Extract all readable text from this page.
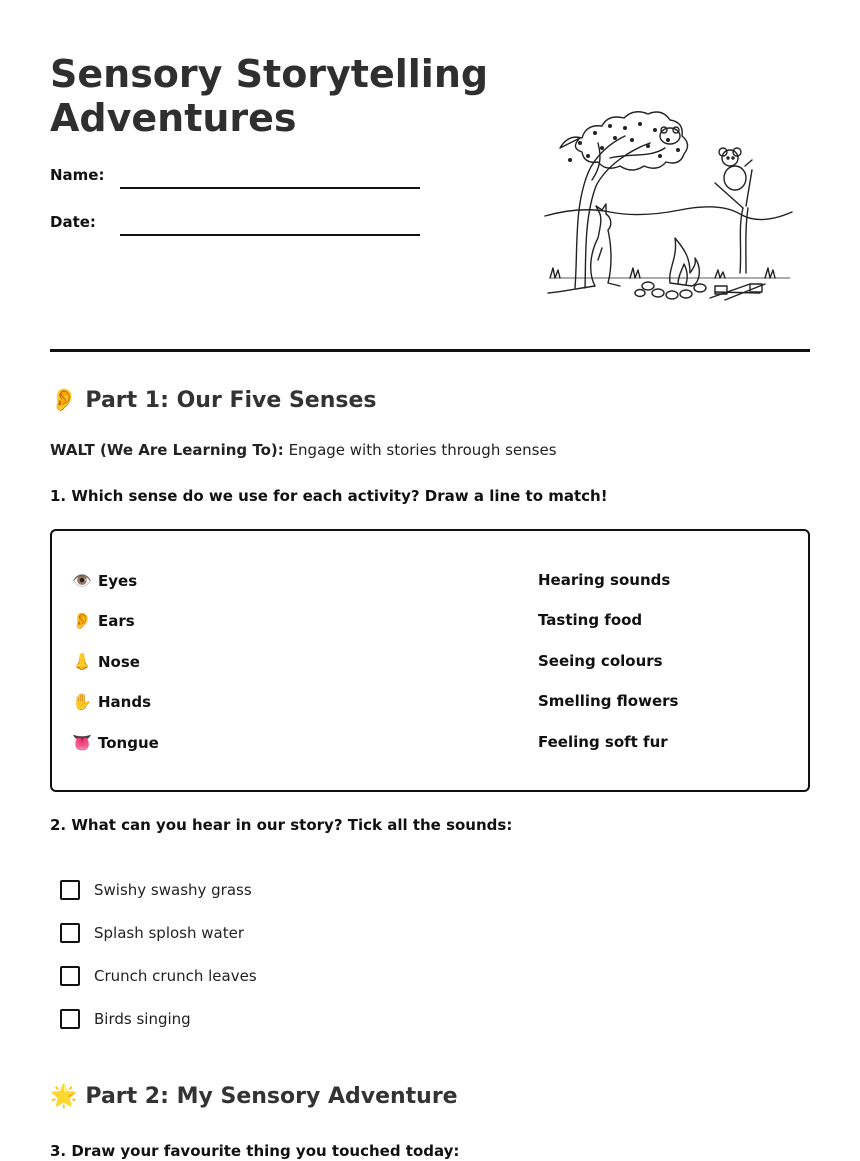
Sensory Storytelling Adventures
Name:
Date:
👂 Part 1: Our Five Senses
WALT (We Are Learning To): Engage with stories through senses
1. Which sense do we use for each activity? Draw a line to match!
👁️ Eyes
👂 Ears
👃 Nose
✋ Hands
👅 Tongue
Hearing sounds
Tasting food
Seeing colours
Smelling flowers
Feeling soft fur
2. What can you hear in our story? Tick all the sounds:
Swishy swashy grass
Splash splosh water
Crunch crunch leaves
Birds singing
🌟 Part 2: My Sensory Adventure
3. Draw your favourite thing you touched today:
